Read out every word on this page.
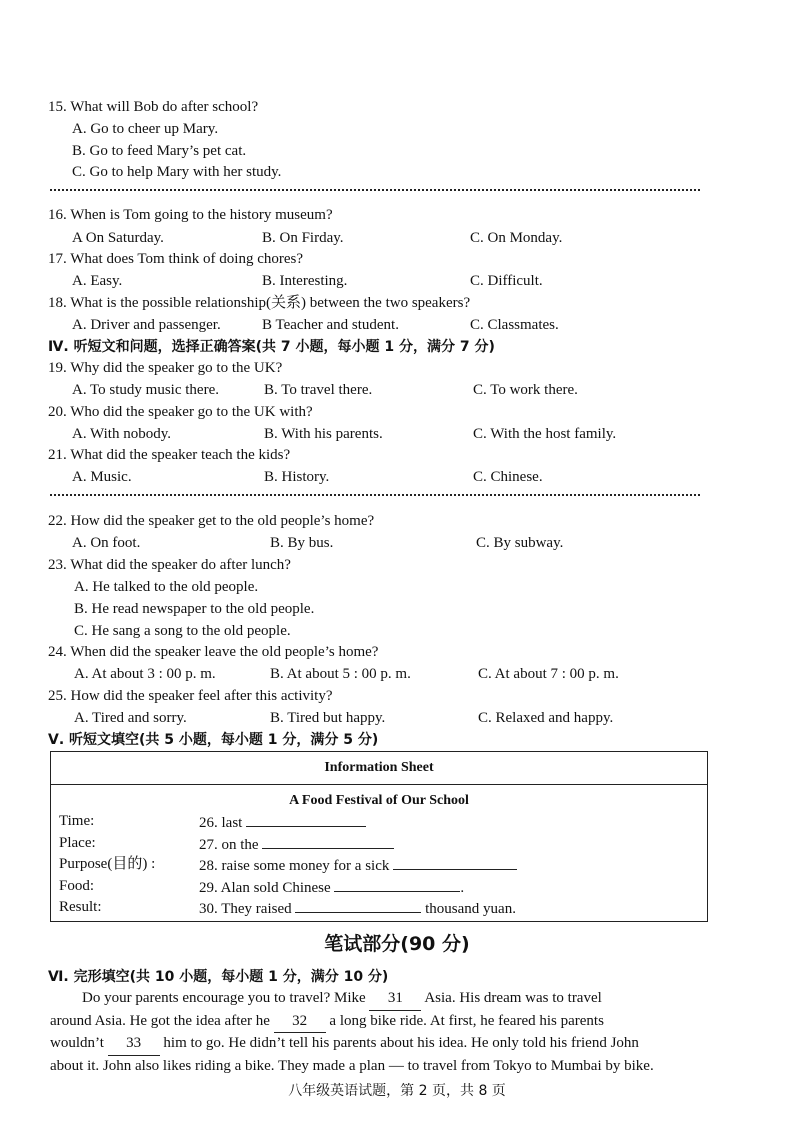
15. What will Bob do after school?
A. Go to cheer up Mary.
B. Go to feed Mary’s pet cat.
C. Go to help Mary with her study.
16. When is Tom going to the history museum?
A On Saturday.	B. On Firday.	C. On Monday.
17. What does Tom think of doing chores?
A. Easy.	B. Interesting.	C. Difficult.
18. What is the possible relationship(关系) between the two speakers?
A. Driver and passenger.	B Teacher and student.	C. Classmates.
Ⅳ. 听短文和问题，选择正确答案(共 7 小题，每小题 1 分，满分 7 分)
19. Why did the speaker go to the UK?
A. To study music there.	B. To travel there.	C. To work there.
20. Who did the speaker go to the UK with?
A. With nobody.	B. With his parents.	C. With the host family.
21. What did the speaker teach the kids?
A. Music.	B. History.	C. Chinese.
22. How did the speaker get to the old people’s home?
A. On foot.	B. By bus.	C. By subway.
23. What did the speaker do after lunch?
A. He talked to the old people.
B. He read newspaper to the old people.
C. He sang a song to the old people.
24. When did the speaker leave the old people’s home?
A. At about 3 : 00 p. m.	B. At about 5 : 00 p. m.	C. At about 7 : 00 p. m.
25. How did the speaker feel after this activity?
A. Tired and sorry.	B. Tired but happy.	C. Relaxed and happy.
Ⅴ. 听短文填空(共 5 小题，每小题 1 分，满分 5 分)
Information Sheet

A Food Festival of Our School
Time:	26. last
Place:	27. on the
Purpose(目的) :	28. raise some money for a sick
Food:	29. Alan sold Chinese	.
Result:	30. They raised	thousand yuan.
笔试部分(90 分)
Ⅵ. 完形填空(共 10 小题，每小题 1 分，满分 10 分)
Do your parents encourage you to travel? Mike 31 Asia. His dream was to travel
around Asia. He got the idea after he 32 a long bike ride. At first, he feared his parents
wouldn’t 33 him to go. He didn’t tell his parents about his idea. He only told his friend John
about it. John also likes riding a bike. They made a plan — to travel from Tokyo to Mumbai by bike.
八年级英语试题，第 2 页，共 8 页
